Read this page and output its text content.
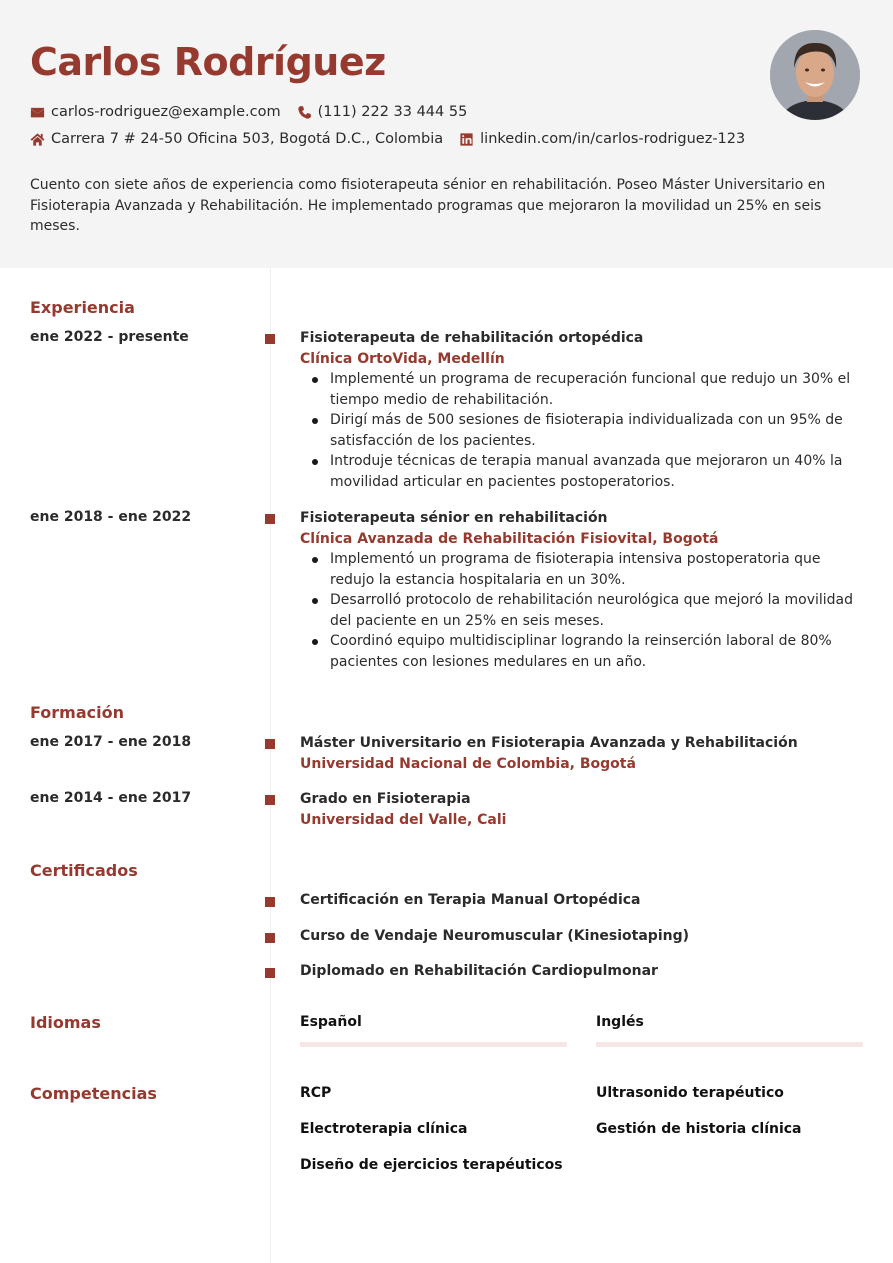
Carlos Rodríguez
carlos-rodriguez@example.com	(111) 222 33 444 55
Carrera 7 # 24-50 Oficina 503, Bogotá D.C., Colombia	linkedin.com/in/carlos-rodriguez-123

Cuento con siete años de experiencia como fisioterapeuta sénior en rehabilitación. Poseo Máster Universitario en Fisioterapia Avanzada y Rehabilitación. He implementado programas que mejoraron la movilidad un 25% en seis meses.

Experiencia
ene 2022 - presente	Fisioterapeuta de rehabilitación ortopédica
Clínica OrtoVida, Medellín
Implementé un programa de recuperación funcional que redujo un 30% el tiempo medio de rehabilitación.
Dirigí más de 500 sesiones de fisioterapia individualizada con un 95% de satisfacción de los pacientes.
Introduje técnicas de terapia manual avanzada que mejoraron un 40% la movilidad articular en pacientes postoperatorios.
ene 2018 - ene 2022	Fisioterapeuta sénior en rehabilitación
Clínica Avanzada de Rehabilitación Fisiovital, Bogotá
Implementó un programa de fisioterapia intensiva postoperatoria que redujo la estancia hospitalaria en un 30%.
Desarrolló protocolo de rehabilitación neurológica que mejoró la movilidad del paciente en un 25% en seis meses.
Coordinó equipo multidisciplinar logrando la reinserción laboral de 80% pacientes con lesiones medulares en un año.
Formación
ene 2017 - ene 2018	Máster Universitario en Fisioterapia Avanzada y Rehabilitación
Universidad Nacional de Colombia, Bogotá
ene 2014 - ene 2017	Grado en Fisioterapia
Universidad del Valle, Cali
Certificados
Certificación en Terapia Manual Ortopédica
Curso de Vendaje Neuromuscular (Kinesiotaping)
Diplomado en Rehabilitación Cardiopulmonar
Idiomas	Español	Inglés
Competencias	RCP	Ultrasonido terapéutico
Electroterapia clínica	Gestión de historia clínica
Diseño de ejercicios terapéuticos
